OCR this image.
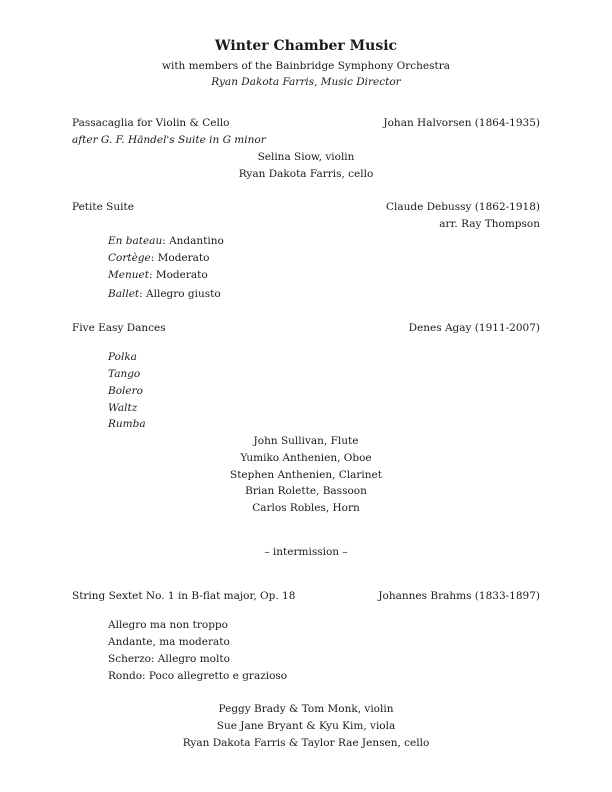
Winter Chamber Music
with members of the Bainbridge Symphony Orchestra
Ryan Dakota Farris, Music Director
Passacaglia for Violin & Cello	Johan Halvorsen (1864-1935)
after G. F. Händel's Suite in G minor
Selina Siow, violin
Ryan Dakota Farris, cello
Petite Suite	Claude Debussy (1862-1918)
arr. Ray Thompson
En bateau: Andantino
Cortège: Moderato
Menuet: Moderato
Ballet: Allegro giusto
Five Easy Dances	Denes Agay (1911-2007)
Polka
Tango
Bolero
Waltz
Rumba
John Sullivan, Flute
Yumiko Anthenien, Oboe
Stephen Anthenien, Clarinet
Brian Rolette, Bassoon
Carlos Robles, Horn
– intermission –
String Sextet No. 1 in B-flat major, Op. 18	Johannes Brahms (1833-1897)
Allegro ma non troppo
Andante, ma moderato
Scherzo: Allegro molto
Rondo: Poco allegretto e grazioso
Peggy Brady & Tom Monk, violin
Sue Jane Bryant & Kyu Kim, viola
Ryan Dakota Farris & Taylor Rae Jensen, cello
